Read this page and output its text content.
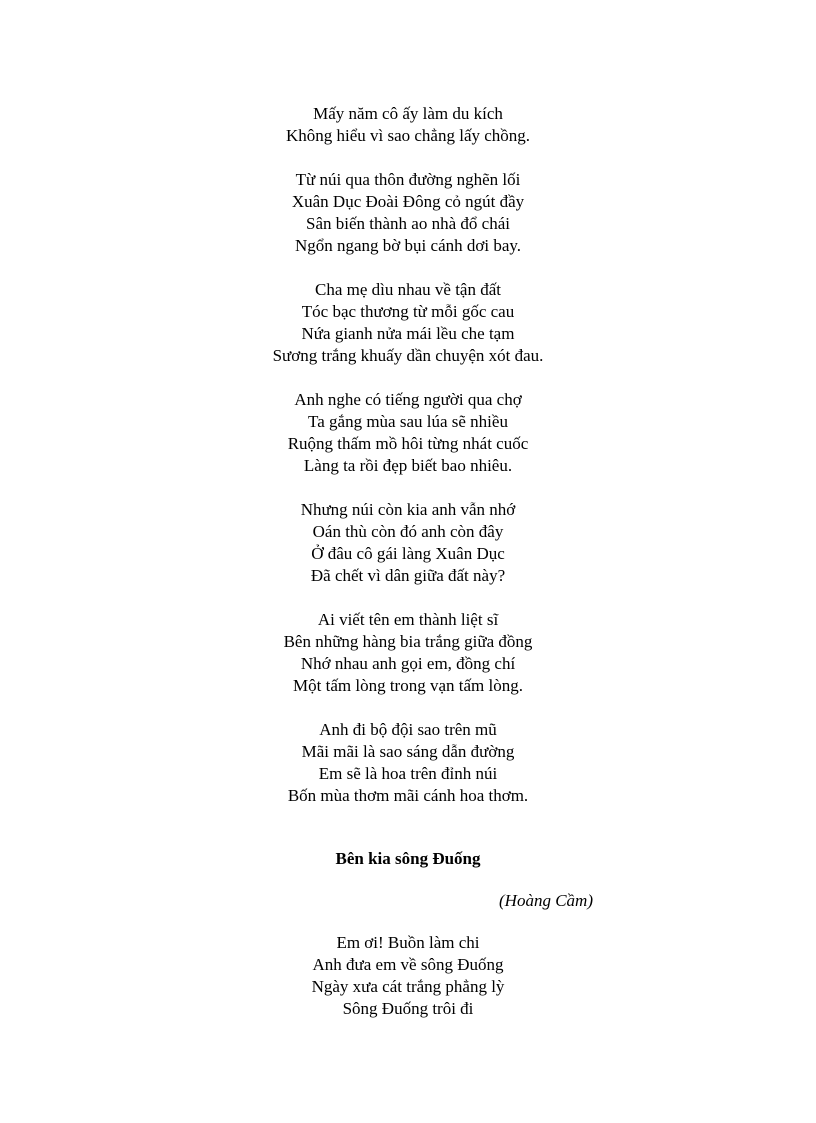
Mấy năm cô ấy làm du kích
Không hiểu vì sao chẳng lấy chồng.
Từ núi qua thôn đường nghẽn lối
Xuân Dục Đoài Đông cỏ ngút đầy
Sân biến thành ao nhà đổ chái
Ngổn ngang bờ bụi cánh dơi bay.
Cha mẹ dìu nhau về tận đất
Tóc bạc thương từ mỗi gốc cau
Nứa gianh nửa mái lều che tạm
Sương trắng khuấy dần chuyện xót đau.
Anh nghe có tiếng người qua chợ
Ta gắng mùa sau lúa sẽ nhiều
Ruộng thấm mồ hôi từng nhát cuốc
Làng ta rồi đẹp biết bao nhiêu.
Nhưng núi còn kia anh vẫn nhớ
Oán thù còn đó anh còn đây
Ở đâu cô gái làng Xuân Dục
Đã chết vì dân giữa đất này?
Ai viết tên em thành liệt sĩ
Bên những hàng bia trắng giữa đồng
Nhớ nhau anh gọi em, đồng chí
Một tấm lòng trong vạn tấm lòng.
Anh đi bộ đội sao trên mũ
Mãi mãi là sao sáng dẫn đường
Em sẽ là hoa trên đỉnh núi
Bốn mùa thơm mãi cánh hoa thơm.
Bên kia sông Đuống
(Hoàng Cầm)
Em ơi! Buồn làm chi
Anh đưa em về sông Đuống
Ngày xưa cát trắng phẳng lỳ
Sông Đuống trôi đi
